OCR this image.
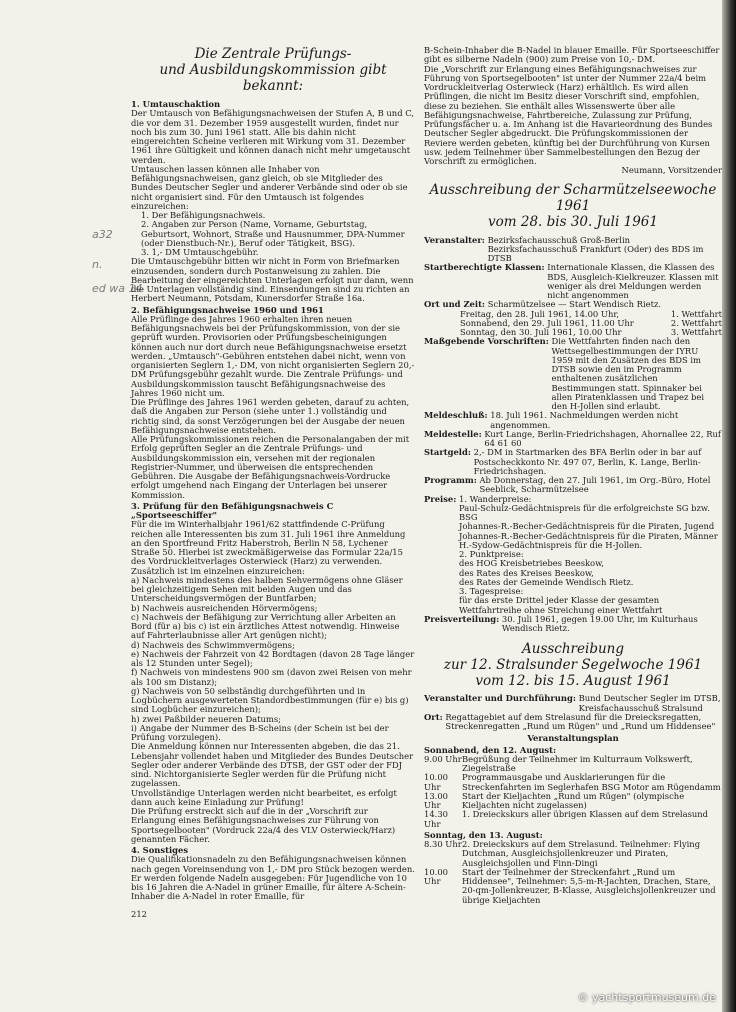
a32
n.
ed wa 14
Die Zentrale Prüfungs-
und Ausbildungskommission gibt bekannt:
1. Umtauschaktion

Der Umtausch von Befähigungsnachweisen der Stufen A, B und C, die vor dem 31. Dezember 1959 ausgestellt wurden, findet nur noch bis zum 30. Juni 1961 statt. Alle bis dahin nicht eingereichten Scheine verlieren mit Wirkung vom 31. Dezember 1961 ihre Gültigkeit und können danach nicht mehr umgetauscht werden.

Umtauschen lassen können alle Inhaber von Befähigungsnachweisen, ganz gleich, ob sie Mitglieder des Bundes Deutscher Segler und anderer Verbände sind oder ob sie nicht organisiert sind. Für den Umtausch ist folgendes einzureichen:

1. Der Befähigungsnachweis.
2. Angaben zur Person (Name, Vorname, Geburtstag, Geburtsort, Wohnort, Straße und Hausnummer, DPA-Nummer (oder Dienstbuch-Nr.), Beruf oder Tätigkeit, BSG).
3. 1,- DM Umtauschgebühr.

Die Umtauschgebühr bitten wir nicht in Form von Briefmarken einzusenden, sondern durch Postanweisung zu zahlen. Die Bearbeitung der eingereichten Unterlagen erfolgt nur dann, wenn die Unterlagen vollständig sind. Einsendungen sind zu richten an Herbert Neumann, Potsdam, Kunersdorfer Straße 16a.

2. Befähigungsnachweise 1960 und 1961

Alle Prüflinge des Jahres 1960 erhalten ihren neuen Befähigungsnachweis bei der Prüfungskommission, von der sie geprüft wurden. Provisorien oder Prüfungsbescheinigungen können auch nur dort durch neue Befähigungsnachweise ersetzt werden. „Umtausch"-Gebühren entstehen dabei nicht, wenn von organisierten Seglern 1,- DM, von nicht organisierten Seglern 20,- DM Prüfungsgebühr gezahlt wurde. Die Zentrale Prüfungs- und Ausbildungskommission tauscht Befähigungsnachweise des Jahres 1960 nicht um.

Die Prüflinge des Jahres 1961 werden gebeten, darauf zu achten, daß die Angaben zur Person (siehe unter 1.) vollständig und richtig sind, da sonst Verzögerungen bei der Ausgabe der neuen Befähigungsnachweise entstehen.

Alle Prüfungskommissionen reichen die Personalangaben der mit Erfolg geprüften Segler an die Zentrale Prüfungs- und Ausbildungskommission ein, versehen mit der regionalen Registrier-Nummer, und überweisen die entsprechenden Gebühren. Die Ausgabe der Befähigungsnachweis-Vordrucke erfolgt umgehend nach Eingang der Unterlagen bei unserer Kommission.

3. Prüfung für den Befähigungsnachweis C „Sportseeschiffer"

Für die im Winterhalbjahr 1961/62 stattfindende C-Prüfung reichen alle Interessenten bis zum 31. Juli 1961 ihre Anmeldung an den Sportfreund Fritz Haberstroh, Berlin N 58, Lychener Straße 50. Hierbei ist zweckmäßigerweise das Formular 22a/15 des Vordruckleitverlages Osterwieck (Harz) zu verwenden.

Zusätzlich ist im einzelnen einzureichen:

a) Nachweis mindestens des halben Sehvermögens ohne Gläser bei gleichzeitigem Sehen mit beiden Augen und das Unterscheidungsvermögen der Buntfarben;
b) Nachweis ausreichenden Hörvermögens;
c) Nachweis der Befähigung zur Verrichtung aller Arbeiten an Bord (für a) bis c) ist ein ärztliches Attest notwendig. Hinweise auf Fahrterlaubnisse aller Art genügen nicht);
d) Nachweis des Schwimmvermögens;
e) Nachweis der Fahrzeit von 42 Bordtagen (davon 28 Tage länger als 12 Stunden unter Segel);
f) Nachweis von mindestens 900 sm (davon zwei Reisen von mehr als 100 sm Distanz);
g) Nachweis von 50 selbständig durchgeführten und in Logbüchern ausgewerteten Standordbestimmungen (für e) bis g) sind Logbücher einzureichen);
h) zwei Paßbilder neueren Datums;
i) Angabe der Nummer des B-Scheins (der Schein ist bei der Prüfung vorzulegen).

Die Anmeldung können nur Interessenten abgeben, die das 21. Lebensjahr vollendet haben und Mitglieder des Bundes Deutscher Segler oder anderer Verbände des DTSB, der GST oder der FDJ sind. Nichtorganisierte Segler werden für die Prüfung nicht zugelassen.

Unvollständige Unterlagen werden nicht bearbeitet, es erfolgt dann auch keine Einladung zur Prüfung!

Die Prüfung erstreckt sich auf die in der „Vorschrift zur Erlangung eines Befähigungsnachweises zur Führung von Sportsegelbooten" (Vordruck 22a/4 des VLV Osterwieck/Harz) genannten Fächer.

4. Sonstiges

Die Qualifikationsnadeln zu den Befähigungsnachweisen können nach gegen Voreinsendung von 1,- DM pro Stück bezogen werden. Er werden folgende Nadeln ausgegeben: Für Jugendliche von 10 bis 16 Jahren die A-Nadel in grüner Emaille, für ältere A-Schein-Inhaber die A-Nadel in roter Emaille, für

212

B-Schein-Inhaber die B-Nadel in blauer Emaille. Für Sportseeschiffer gibt es silberne Nadeln (900) zum Preise von 10,- DM.

Die „Vorschrift zur Erlangung eines Befähigungsnachweises zur Führung von Sportsegelbooten" ist unter der Nummer 22a/4 beim Vordruckleitverlag Osterwieck (Harz) erhältlich. Es wird allen Prüflingen, die nicht im Besitz dieser Vorschrift sind, empfohlen, diese zu beziehen. Sie enthält alles Wissenswerte über alle Befähigungsnachweise, Fahrtbereiche, Zulassung zur Prüfung, Prüfungsfächer u. a. Im Anhang ist die Havarieordnung des Bundes Deutscher Segler abgedruckt. Die Prüfungskommissionen der Reviere werden gebeten, künftig bei der Durchführung von Kursen usw. jedem Teilnehmer über Sammelbestellungen den Bezug der Vorschrift zu ermöglichen.

Neumann, Vorsitzender
Ausschreibung der Scharmützelseewoche 1961
vom 28. bis 30. Juli 1961
Veranstalter:
Bezirksfachausschuß Groß-Berlin Bezirksfachausschuß Frankfurt (Oder) des BDS im DTSB
Startberechtigte Klassen:
Internationale Klassen, die Klassen des BDS, Ausgleich-Kielkreuzer. Klassen mit weniger als drei Meldungen werden nicht angenommen
Ort und Zeit:
Scharmützelsee — Start Wendisch Rietz.
Freitag, den 28. Juli 1961, 14.00 Uhr,	1. Wettfahrt
Sonnabend, den 29. Juli 1961, 11.00 Uhr	2. Wettfahrt
Sonntag, den 30. Juli 1961, 10.00 Uhr	3. Wettfahrt
Maßgebende Vorschriften:
Die Wettfahrten finden nach den Wettsegelbestimmungen der IYRU 1959 mit den Zusätzen des BDS im DTSB sowie den im Programm enthaltenen zusätzlichen Bestimmungen statt. Spinnaker bei allen Piratenklassen und Trapez bei den H-Jollen sind erlaubt.
Meldeschluß:
18. Juli 1961. Nachmeldungen werden nicht angenommen.
Meldestelle:
Kurt Lange, Berlin-Friedrichshagen, Ahornallee 22, Ruf 64 61 60
Startgeld:
2,- DM in Startmarken des BFA Berlin oder in bar auf Postscheckkonto Nr. 497 07, Berlin, K. Lange, Berlin-Friedrichshagen.
Programm:
Ab Donnerstag, den 27. Juli 1961, im Org.-Büro, Hotel Seeblick, Scharmützelsee
Preise:
1. Wanderpreise:
Paul-Schulz-Gedächtnispreis für die erfolgreichste SG bzw. BSG
Johannes-R.-Becher-Gedächtnispreis für die Piraten, Jugend
Johannes-R.-Becher-Gedächtnispreis für die Piraten, Männer
H.-Sydow-Gedächtnispreis für die H-Jollen.
2. Punktpreise:
des HOG Kreisbetriebes Beeskow,
des Rates des Kreises Beeskow,
des Rates der Gemeinde Wendisch Rietz.
3. Tagespreise:
für das erste Drittel jeder Klasse der gesamten Wettfahrtreihe ohne Streichung einer Wettfahrt
Preisverteilung:
30. Juli 1961, gegen 19.00 Uhr, im Kulturhaus Wendisch Rietz.
Ausschreibung
zur 12. Stralsunder Segelwoche 1961
vom 12. bis 15. August 1961
Veranstalter und Durchführung:
Bund Deutscher Segler im DTSB, Kreisfachausschuß Stralsund
Ort:
Regattagebiet auf dem Strelasund für die Dreiecksregatten, Streckenregatten „Rund um Rügen" und „Rund um Hiddensee"
Veranstaltungsplan
Sonnabend, den 12. August:
9.00 Uhr Begrüßung der Teilnehmer im Kulturraum Volkswerft, Ziegelstraße
10.00 Uhr
Programmausgabe und Ausklarierungen für die Streckenfahrten im Seglerhafen BSG Motor am Rügendamm
13.00 Uhr
Start der Kieljachten „Rund um Rügen" (olympische Kieljachten nicht zugelassen)
14.30 Uhr
1. Dreieckskurs aller übrigen Klassen auf dem Strelasund
Sonntag, den 13. August:
8.30 Uhr 2. Dreieckskurs auf dem Strelasund. Teilnehmer: Flying Dutchman, Ausgleichsjollenkreuzer und Piraten, Ausgleichsjollen und Finn-Dingi
10.00 Uhr
Start der Teilnehmer der Streckenfahrt „Rund um Hiddensee", Teilnehmer: 5,5-m-R-Jachten, Drachen, Stare, 20-qm-Jollenkreuzer, B-Klasse, Ausgleichsjollenkreuzer und übrige Kieljachten
© yachtsportmuseum.de
